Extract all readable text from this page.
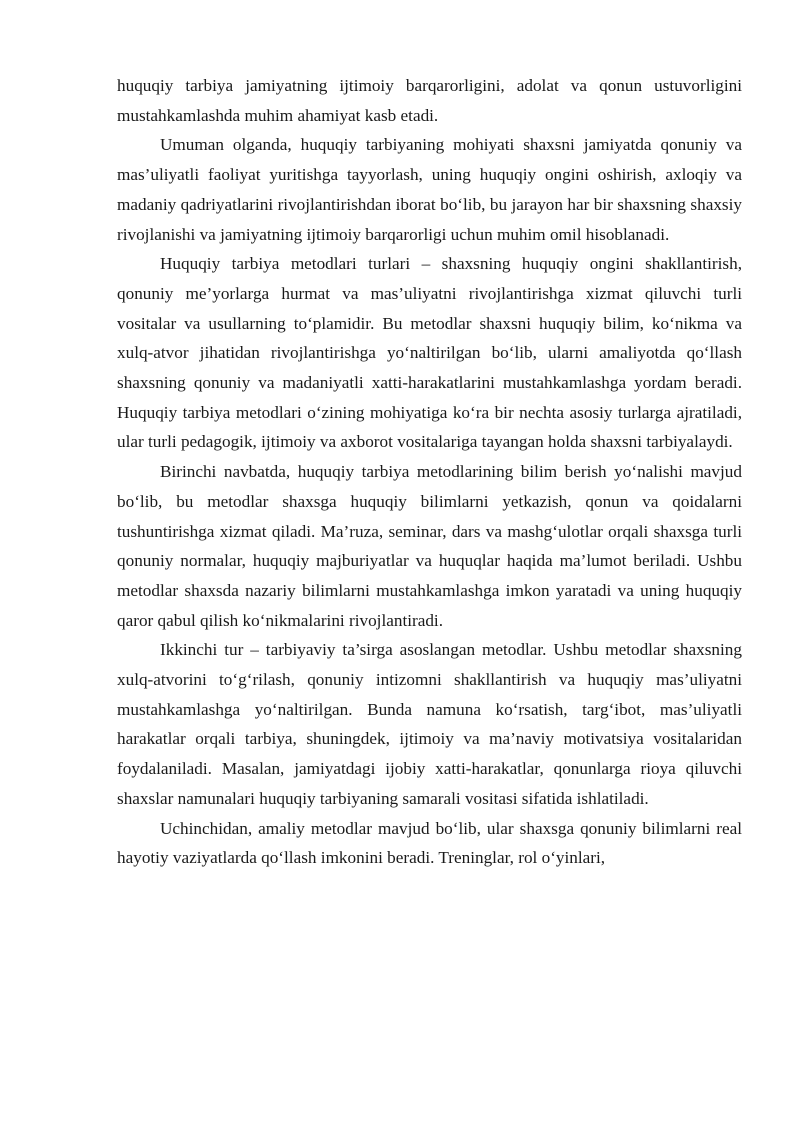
huquqiy tarbiya jamiyatning ijtimoiy barqarorligini, adolat va qonun ustuvorligini mustahkamlashda muhim ahamiyat kasb etadi.

Umuman olganda, huquqiy tarbiyaning mohiyati shaxsni jamiyatda qonuniy va mas’uliyatli faoliyat yuritishga tayyorlash, uning huquqiy ongini oshirish, axloqiy va madaniy qadriyatlarini rivojlantirishdan iborat bo‘lib, bu jarayon har bir shaxsning shaxsiy rivojlanishi va jamiyatning ijtimoiy barqarorligi uchun muhim omil hisoblanadi.

Huquqiy tarbiya metodlari turlari – shaxsning huquqiy ongini shakllantirish, qonuniy me’yorlarga hurmat va mas’uliyatni rivojlantirishga xizmat qiluvchi turli vositalar va usullarning to‘plamidir. Bu metodlar shaxsni huquqiy bilim, ko‘nikma va xulq-atvor jihatidan rivojlantirishga yo‘naltirilgan bo‘lib, ularni amaliyotda qo‘llash shaxsning qonuniy va madaniyatli xatti-harakatlarini mustahkamlashga yordam beradi. Huquqiy tarbiya metodlari o‘zining mohiyatiga ko‘ra bir nechta asosiy turlarga ajratiladi, ular turli pedagogik, ijtimoiy va axborot vositalariga tayangan holda shaxsni tarbiyalaydi.

Birinchi navbatda, huquqiy tarbiya metodlarining bilim berish yo‘nalishi mavjud bo‘lib, bu metodlar shaxsga huquqiy bilimlarni yetkazish, qonun va qoidalarni tushuntirishga xizmat qiladi. Ma’ruza, seminar, dars va mashg‘ulotlar orqali shaxsga turli qonuniy normalar, huquqiy majburiyatlar va huquqlar haqida ma’lumot beriladi. Ushbu metodlar shaxsda nazariy bilimlarni mustahkamlashga imkon yaratadi va uning huquqiy qaror qabul qilish ko‘nikmalarini rivojlantiradi.

Ikkinchi tur – tarbiyaviy ta’sirga asoslangan metodlar. Ushbu metodlar shaxsning xulq-atvorini to‘g‘rilash, qonuniy intizomni shakllantirish va huquqiy mas’uliyatni mustahkamlashga yo‘naltirilgan. Bunda namuna ko‘rsatish, targ‘ibot, mas’uliyatli harakatlar orqali tarbiya, shuningdek, ijtimoiy va ma’naviy motivatsiya vositalaridan foydalaniladi. Masalan, jamiyatdagi ijobiy xatti-harakatlar, qonunlarga rioya qiluvchi shaxslar namunalari huquqiy tarbiyaning samarali vositasi sifatida ishlatiladi.

Uchinchidan, amaliy metodlar mavjud bo‘lib, ular shaxsga qonuniy bilimlarni real hayotiy vaziyatlarda qo‘llash imkonini beradi. Treninglar, rol o‘yinlari,
